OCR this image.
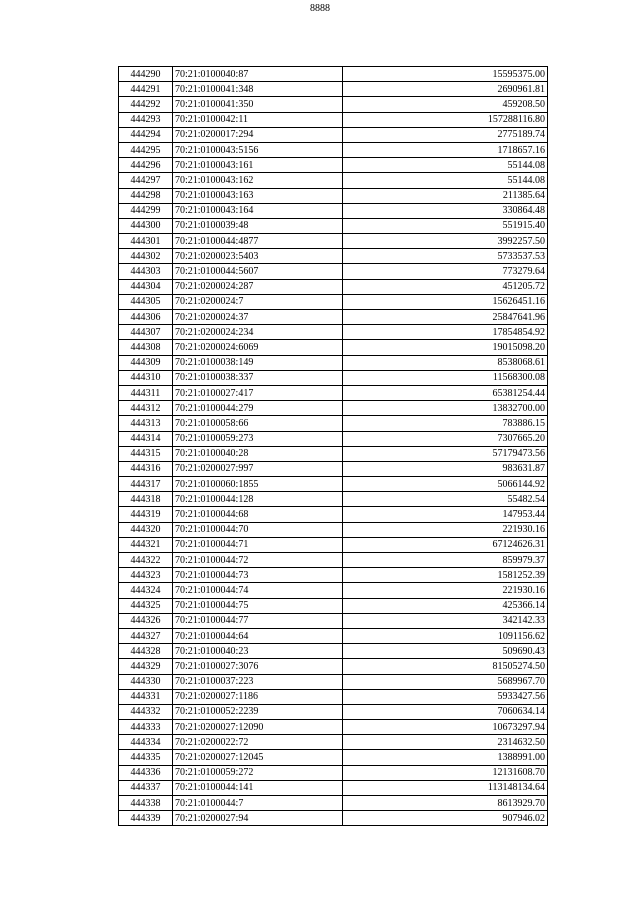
8888
444290	70:21:0100040:87	15595375.00
444291	70:21:0100041:348	2690961.81
444292	70:21:0100041:350	459208.50
444293	70:21:0100042:11	157288116.80
444294	70:21:0200017:294	2775189.74
444295	70:21:0100043:5156	1718657.16
444296	70:21:0100043:161	55144.08
444297	70:21:0100043:162	55144.08
444298	70:21:0100043:163	211385.64
444299	70:21:0100043:164	330864.48
444300	70:21:0100039:48	551915.40
444301	70:21:0100044:4877	3992257.50
444302	70:21:0200023:5403	5733537.53
444303	70:21:0100044:5607	773279.64
444304	70:21:0200024:287	451205.72
444305	70:21:0200024:7	15626451.16
444306	70:21:0200024:37	25847641.96
444307	70:21:0200024:234	17854854.92
444308	70:21:0200024:6069	19015098.20
444309	70:21:0100038:149	8538068.61
444310	70:21:0100038:337	11568300.08
444311	70:21:0100027:417	65381254.44
444312	70:21:0100044:279	13832700.00
444313	70:21:0100058:66	783886.15
444314	70:21:0100059:273	7307665.20
444315	70:21:0100040:28	57179473.56
444316	70:21:0200027:997	983631.87
444317	70:21:0100060:1855	5066144.92
444318	70:21:0100044:128	55482.54
444319	70:21:0100044:68	147953.44
444320	70:21:0100044:70	221930.16
444321	70:21:0100044:71	67124626.31
444322	70:21:0100044:72	859979.37
444323	70:21:0100044:73	1581252.39
444324	70:21:0100044:74	221930.16
444325	70:21:0100044:75	425366.14
444326	70:21:0100044:77	342142.33
444327	70:21:0100044:64	1091156.62
444328	70:21:0100040:23	509690.43
444329	70:21:0100027:3076	81505274.50
444330	70:21:0100037:223	5689967.70
444331	70:21:0200027:1186	5933427.56
444332	70:21:0100052:2239	7060634.14
444333	70:21:0200027:12090	10673297.94
444334	70:21:0200022:72	2314632.50
444335	70:21:0200027:12045	1388991.00
444336	70:21:0100059:272	12131608.70
444337	70:21:0100044:141	113148134.64
444338	70:21:0100044:7	8613929.70
444339	70:21:0200027:94	907946.02
